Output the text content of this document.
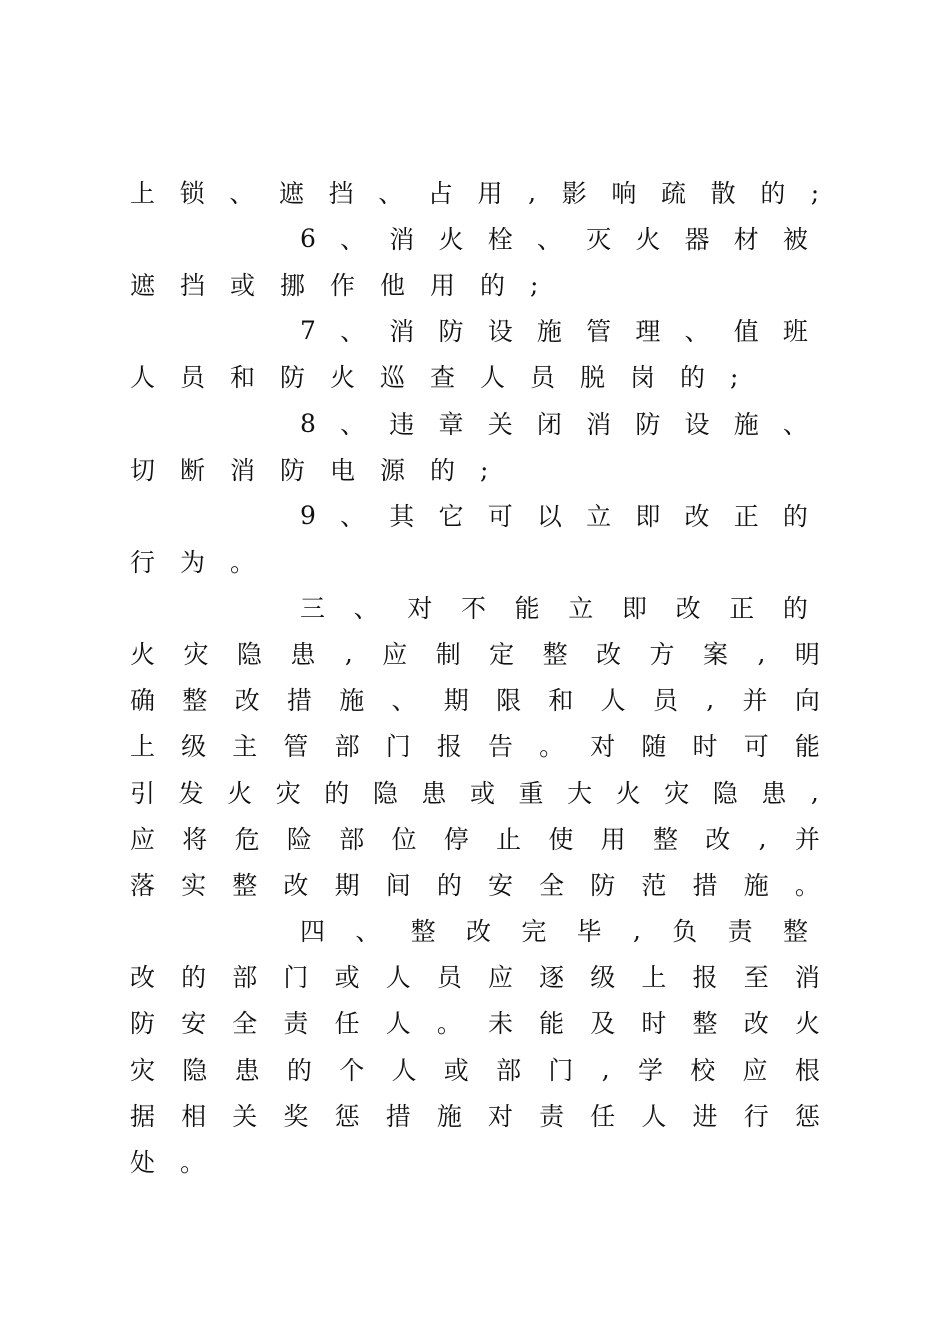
上 锁 、 遮 挡 、 占 用 , 影 响 疏 散 的 ;
6 、 消 火 栓 、 灭 火 器 材 被
遮 挡 或 挪 作 他 用 的 ;
7 、 消 防 设 施 管 理 、 值 班
人 员 和 防 火 巡 查 人 员 脱 岗 的 ;
8 、 违 章 关 闭 消 防 设 施 、
切 断 消 防 电 源 的 ;
9 、 其 它 可 以 立 即 改 正 的
行 为 。
三 、 对 不 能 立 即 改 正 的
火 灾 隐 患 , 应 制 定 整 改 方 案 , 明
确 整 改 措 施 、 期 限 和 人 员 , 并 向
上 级 主 管 部 门 报 告 。 对 随 时 可 能
引 发 火 灾 的 隐 患 或 重 大 火 灾 隐 患 ,
应 将 危 险 部 位 停 止 使 用 整 改 , 并
落 实 整 改 期 间 的 安 全 防 范 措 施 。
四 、 整 改 完 毕 , 负 责 整
改 的 部 门 或 人 员 应 逐 级 上 报 至 消
防 安 全 责 任 人 。 未 能 及 时 整 改 火
灾 隐 患 的 个 人 或 部 门 , 学 校 应 根
据 相 关 奖 惩 措 施 对 责 任 人 进 行 惩
处 。
